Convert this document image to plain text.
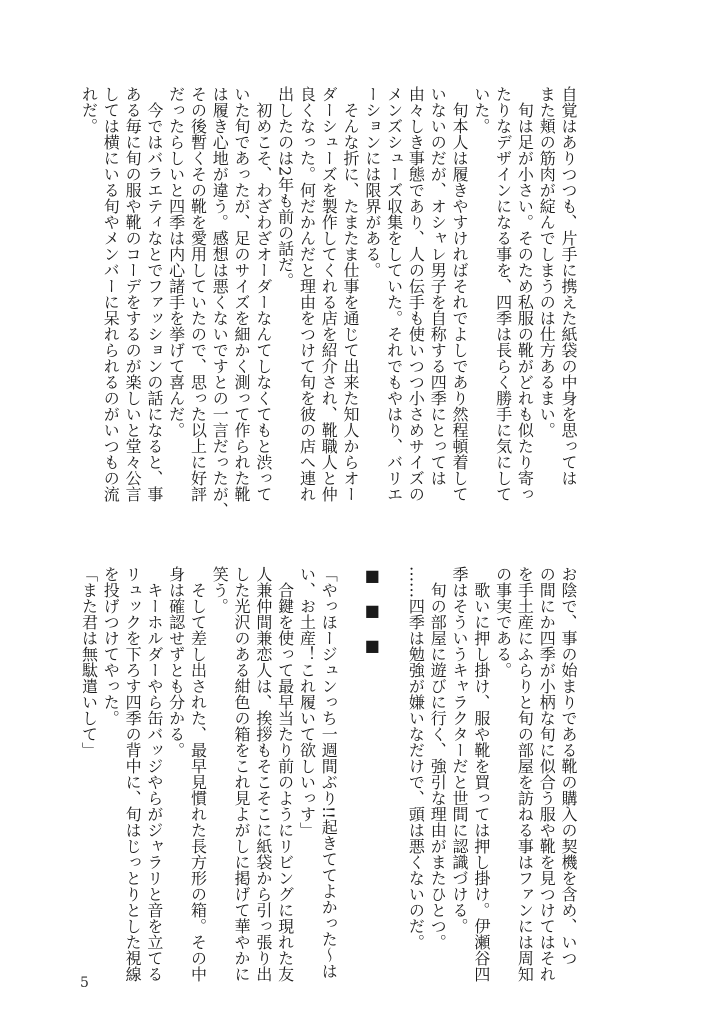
自覚はありつつも、片手に携えた紙袋の中身を思っては
また頬の筋肉が綻んでしまうのは仕方あるまい。
　旬は足が小さい。そのため私服の靴がどれも似たり寄っ
たりなデザインになる事を、四季は長らく勝手に気にして
いた。
　旬本人は履きやすければそれでよしであり然程頓着して
いないのだが、オシャレ男子を自称する四季にとっては
由々しき事態であり、人の伝手も使いつつ小さめサイズの
メンズシューズ収集をしていた。それでもやはり、バリエ
ーションには限界がある。
　そんな折に、たまたま仕事を通じて出来た知人からオー
ダーシューズを製作してくれる店を紹介され、靴職人と仲
良くなった。何だかんだと理由をつけて旬を彼の店へ連れ
出したのは2年も前の話だ。
　初めこそ、わざわざオーダーなんてしなくてもと渋って
いた旬であったが、足のサイズを細かく測って作られた靴
は履き心地が違う。感想は悪くないですとの一言だったが、
その後暫くその靴を愛用していたので、思った以上に好評
だったらしいと四季は内心諸手を挙げて喜んだ。
　今ではバラエティなとでファッションの話になると、事
ある毎に旬の服や靴のコーデをするのが楽しいと堂々公言
しては横にいる旬やメンバーに呆れられるのがいつもの流
れだ。
お陰で、事の始まりである靴の購入の契機を含め、いつ
の間にか四季が小柄な旬に似合う服や靴を見つけてはそれ
を手土産にふらりと旬の部屋を訪ねる事はファンには周知
の事実である。
　歌いに押し掛け、服や靴を買っては押し掛け。伊瀬谷四
季はそういうキャラクターだと世間に認識づける。
　旬の部屋に遊びに行く、強引な理由がまたひとつ。
……四季は勉強が嫌いなだけで、頭は悪くないのだ。

■　■　■

「やっほージュンっち一週間ぶり!!起きててよかった〜は
い、お土産！これ履いて欲しいっす」
　合鍵を使って最早当たり前のようにリビングに現れた友
人兼仲間兼恋人は、挨拶もそこそこに紙袋から引っ張り出
した光沢のある紺色の箱をこれ見よがしに掲げて華やかに
笑う。
　そして差し出された、最早見慣れた長方形の箱。その中
身は確認せずとも分かる。
　キーホルダーやら缶バッジやらがジャラリと音を立てる
リュックを下ろす四季の背中に、旬はじっとりとした視線
を投げつけてやった。
「また君は無駄遣いして」
5
